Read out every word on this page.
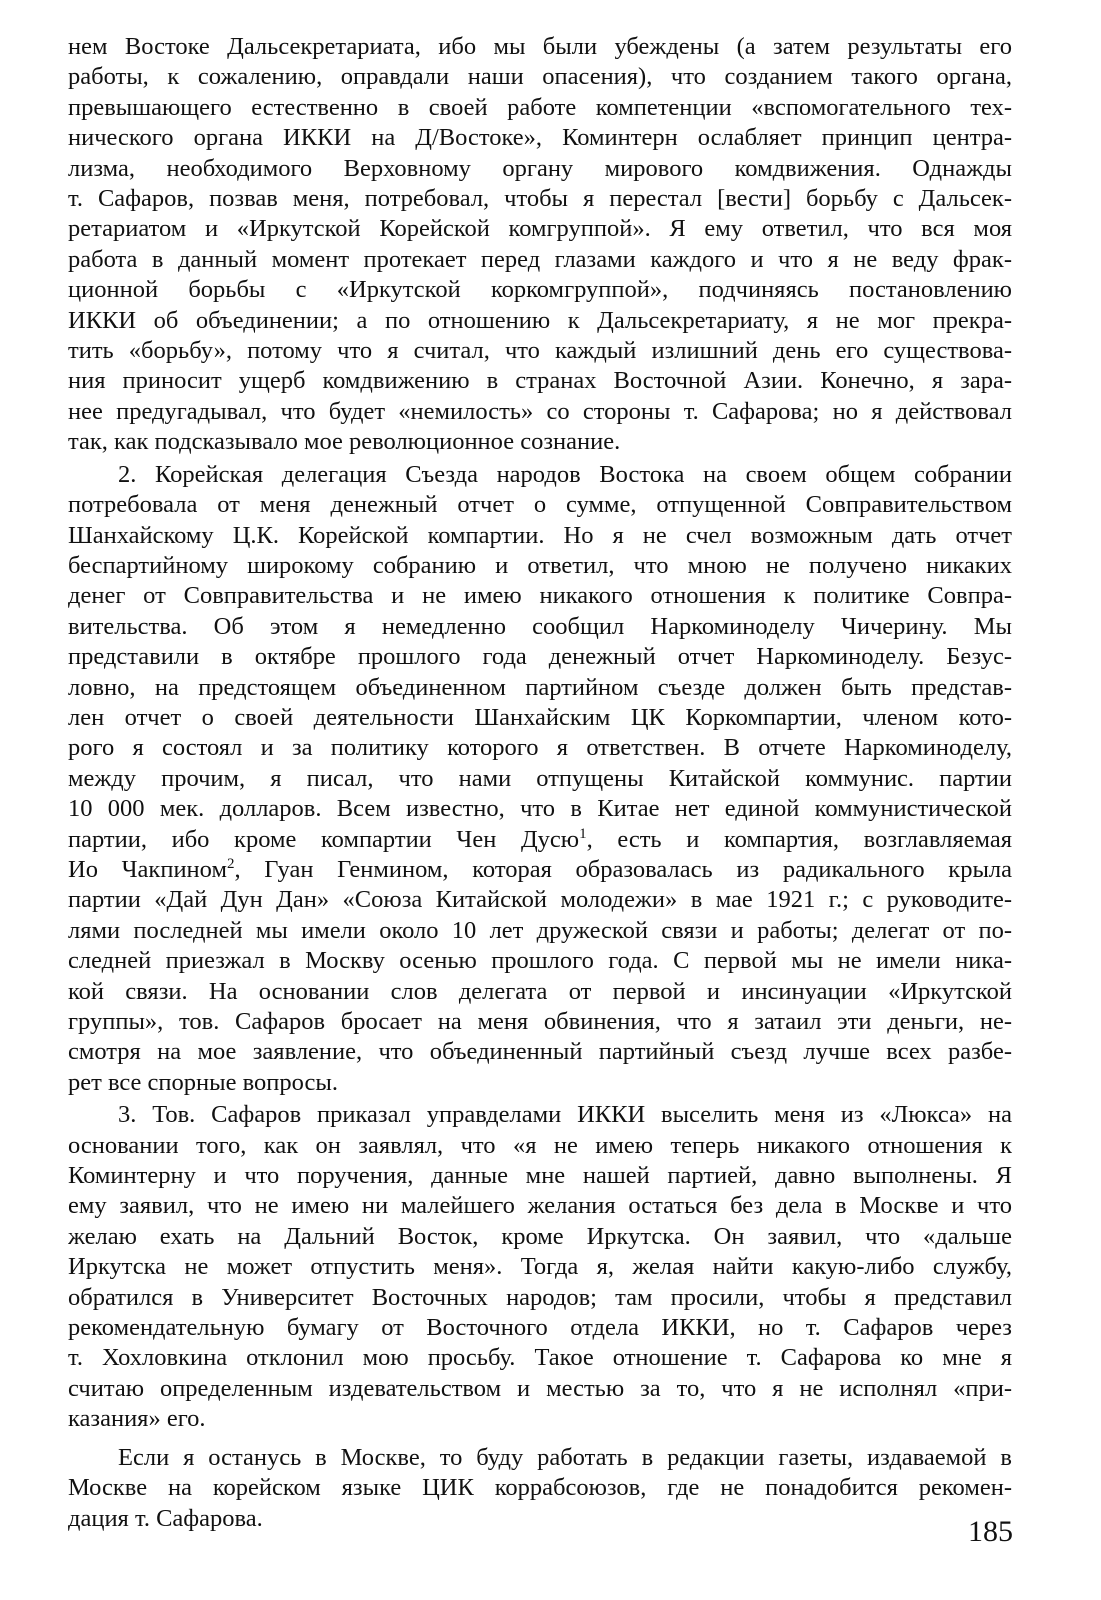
нем Востоке Дальсекретариата, ибо мы были убеждены (а затем результаты его
работы, к сожалению, оправдали наши опасения), что созданием такого органа,
превышающего естественно в своей работе компетенции «вспомогательного тех-
нического органа ИККИ на Д/Востоке», Коминтерн ослабляет принцип центра-
лизма, необходимого Верховному органу мирового комдвижения. Однажды
т. Сафаров, позвав меня, потребовал, чтобы я перестал [вести] борьбу с Дальсек-
ретариатом и «Иркутской Корейской комгруппой». Я ему ответил, что вся моя
работа в данный момент протекает перед глазами каждого и что я не веду фрак-
ционной борьбы с «Иркутской коркомгруппой», подчиняясь постановлению
ИККИ об объединении; а по отношению к Дальсекретариату, я не мог прекра-
тить «борьбу», потому что я считал, что каждый излишний день его существова-
ния приносит ущерб комдвижению в странах Восточной Азии. Конечно, я зара-
нее предугадывал, что будет «немилость» со стороны т. Сафарова; но я действовал
так, как подсказывало мое революционное сознание.
2. Корейская делегация Съезда народов Востока на своем общем собрании
потребовала от меня денежный отчет о сумме, отпущенной Совправительством
Шанхайскому Ц.К. Корейской компартии. Но я не счел возможным дать отчет
беспартийному широкому собранию и ответил, что мною не получено никаких
денег от Совправительства и не имею никакого отношения к политике Совпра-
вительства. Об этом я немедленно сообщил Наркоминоделу Чичерину. Мы
представили в октябре прошлого года денежный отчет Наркоминоделу. Безус-
ловно, на предстоящем объединенном партийном съезде должен быть представ-
лен отчет о своей деятельности Шанхайским ЦК Коркомпартии, членом кото-
рого я состоял и за политику которого я ответствен. В отчете Наркоминоделу,
между прочим, я писал, что нами отпущены Китайской коммунис. партии
10 000 мек. долларов. Всем известно, что в Китае нет единой коммунистической
партии, ибо кроме компартии Чен Дусю$^1$, есть и компартия, возглавляемая
Ио Чакпином$^2$, Гуан Генмином, которая образовалась из радикального крыла
партии «Дай Дун Дан» «Союза Китайской молодежи» в мае 1921 г.; с руководите-
лями последней мы имели около 10 лет дружеской связи и работы; делегат от по-
следней приезжал в Москву осенью прошлого года. С первой мы не имели ника-
кой связи. На основании слов делегата от первой и инсинуации «Иркутской
группы», тов. Сафаров бросает на меня обвинения, что я затаил эти деньги, не-
смотря на мое заявление, что объединенный партийный съезд лучше всех разбе-
рет все спорные вопросы.
3. Тов. Сафаров приказал управделами ИККИ выселить меня из «Люкса» на
основании того, как он заявлял, что «я не имею теперь никакого отношения к
Коминтерну и что поручения, данные мне нашей партией, давно выполнены. Я
ему заявил, что не имею ни малейшего желания остаться без дела в Москве и что
желаю ехать на Дальний Восток, кроме Иркутска. Он заявил, что «дальше
Иркутска не может отпустить меня». Тогда я, желая найти какую-либо службу,
обратился в Университет Восточных народов; там просили, чтобы я представил
рекомендательную бумагу от Восточного отдела ИККИ, но т. Сафаров через
т. Хохловкина отклонил мою просьбу. Такое отношение т. Сафарова ко мне я
считаю определенным издевательством и местью за то, что я не исполнял «при-
казания» его.
Если я останусь в Москве, то буду работать в редакции газеты, издаваемой в
Москве на корейском языке ЦИК коррабсоюзов, где не понадобится рекомен-
дация т. Сафарова.	185
